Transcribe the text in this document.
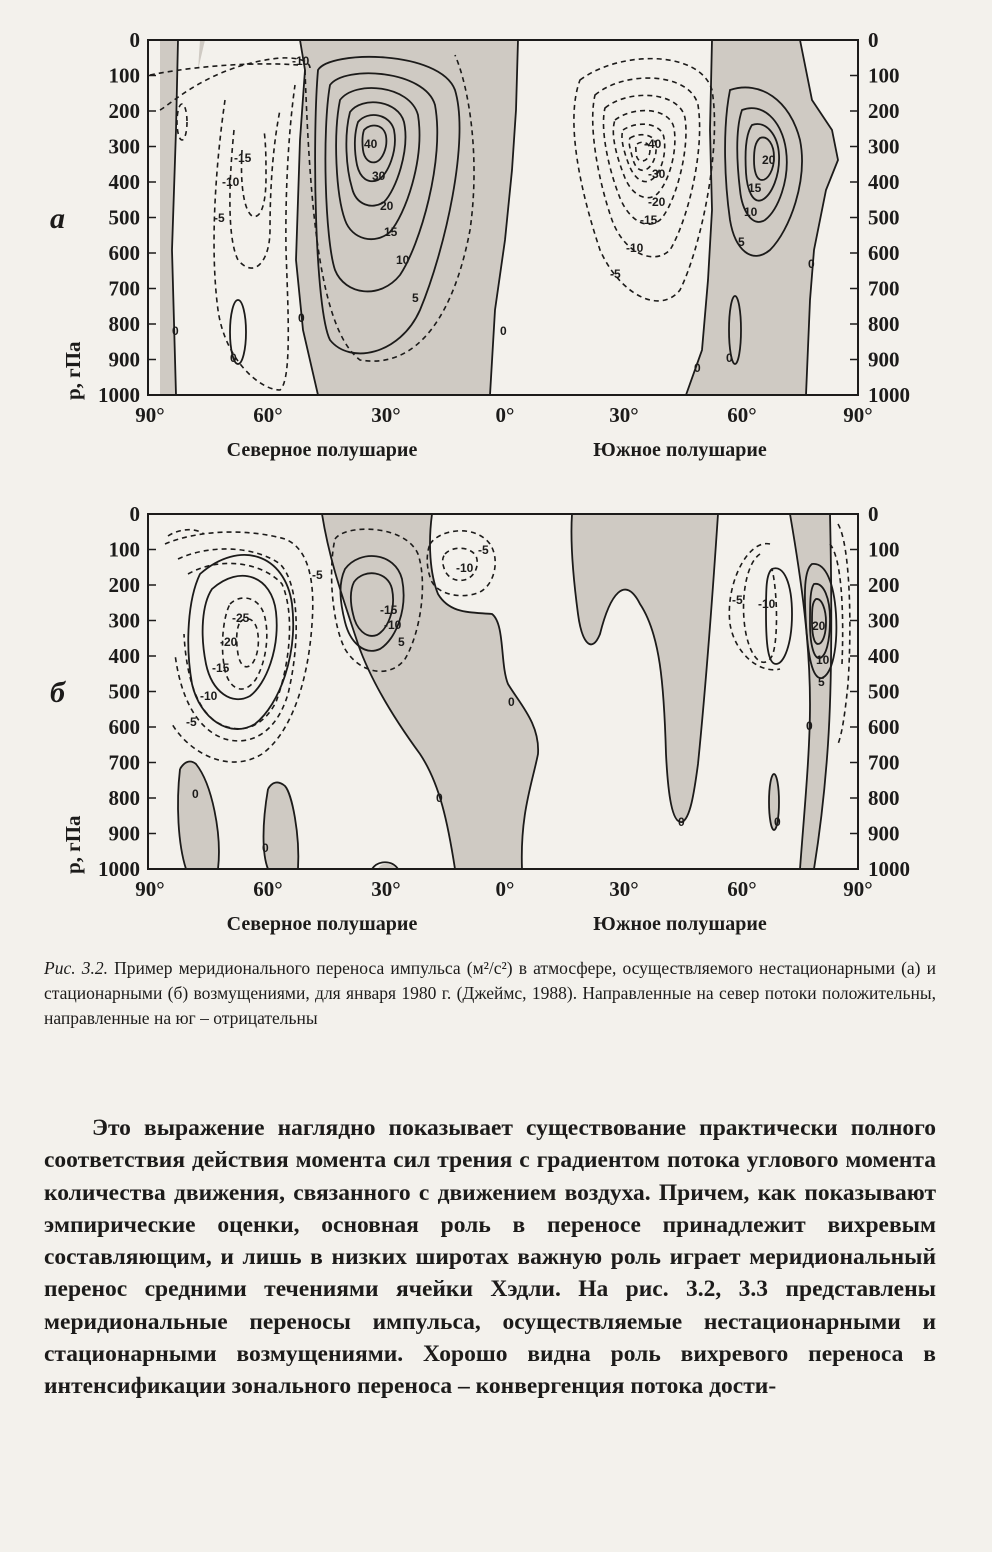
0
100
200
300
400
500
600
700
800
900
1000
0
100
200
300
400
500
600
700
800
900
1000
90°	60°	30°	0°	30°	60°	90°
p, гПа
а
Северное полушарие	Южное полушарие
-10
-15
-10
-5
0
0
40
30
20
15
10
5
0
0
-40
-30
-20
-15
-10
-5
0
0
20
15
10
5
0
0
100
200
300
400
500
600
700
800
900
1000
0
100
200
300
400
500
600
700
800
900
1000
90°	60°	30°	0°	30°	60°	90°
p, гПа
б
Северное полушарие	Южное полушарие
-25
-20
-15
-10
-5
0
0
-5
-15
-10
5
-10
-5
0
0
0
-5 -10
20
10
5
0
0
Рис. 3.2. Пример меридионального переноса импульса (м²/с²) в атмосфере, осуществляемого нестационарными (а) и стационарными (б) возмущениями, для января 1980 г. (Джеймс, 1988). Направленные на север потоки положительны, направленные на юг – отрицательны

Это выражение наглядно показывает существование практически полного соответствия действия момента сил трения с градиентом потока углового момента количества движения, связанного с движением воздуха. Причем, как показывают эмпирические оценки, основная роль в переносе принадлежит вихревым составляющим, и лишь в низких широтах важную роль играет меридиональный перенос средними течениями ячейки Хэдли. На рис. 3.2, 3.3 представлены меридиональные переносы импульса, осуществляемые нестационарными и стационарными возмущениями. Хорошо видна роль вихревого переноса в интенсификации зонального переноса – конвергенция потока дости-
